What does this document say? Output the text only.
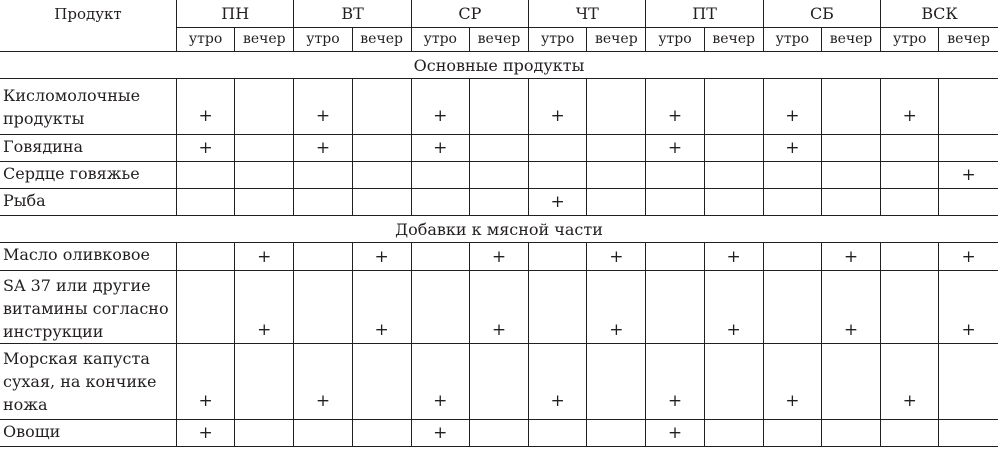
Продукт	ПН		ВТ		СР		ЧТ		ПТ		СБ		ВСК	
	утро	вечер	утро	вечер	утро	вечер	утро	вечер	утро	вечер	утро	вечер	утро	вечер
Основные продукты														
Кисломолочные продукты	+		+		+		+		+		+		+	
Говядина	+		+		+				+		+			
Сердце говяжье														+
Рыба							+							
Добавки к мясной части														
Масло оливковое		+		+		+		+		+		+		+
SA 37 или другие витамины согласно инструкции		+		+		+		+		+		+		+
Морская капуста сухая, на кончике ножа	+		+		+		+		+		+		+	
Овощи	+				+				+					
